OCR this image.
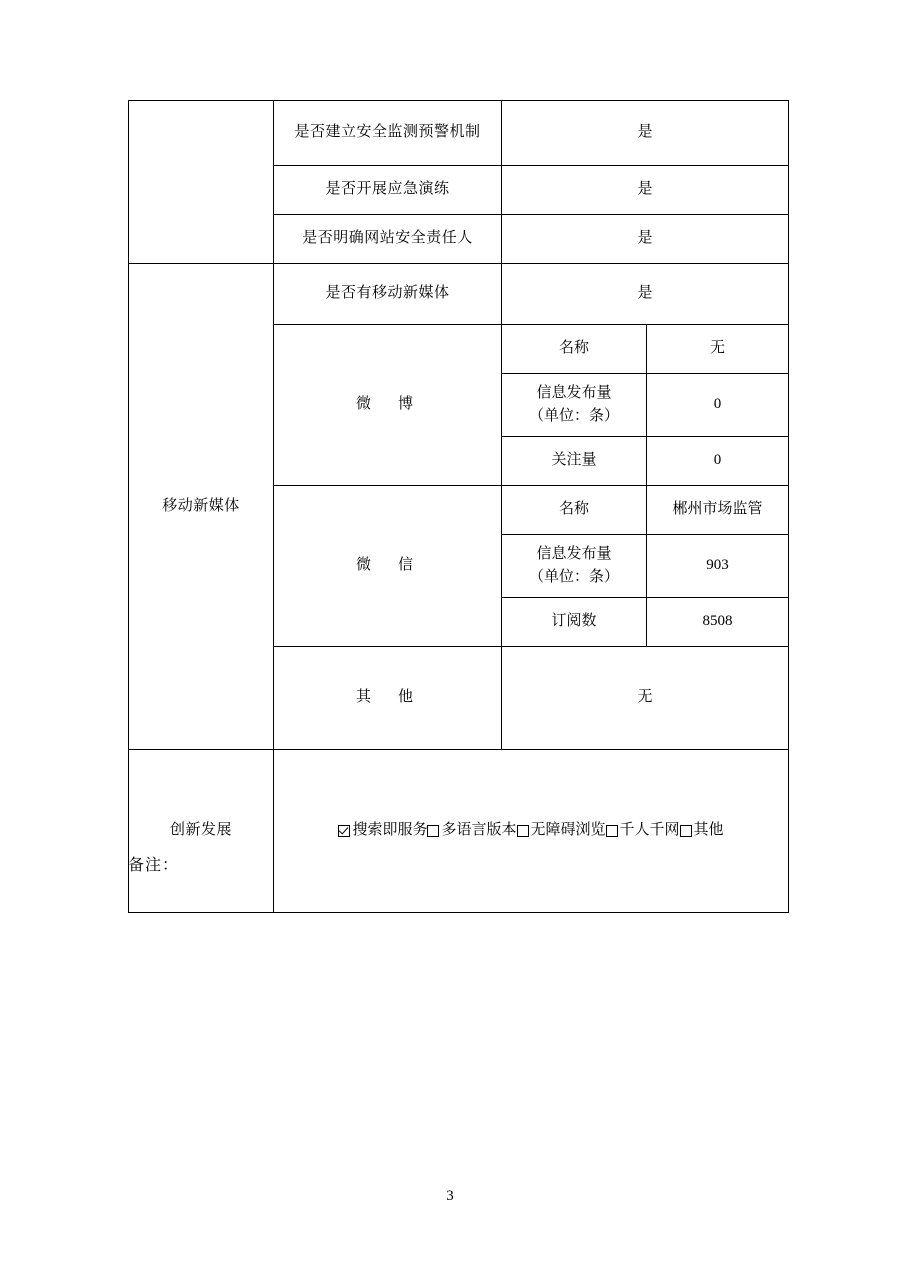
	是否建立安全监测预警机制	是	
	是否开展应急演练	是	
	是否明确网站安全责任人	是	
移动新媒体	是否有移动新媒体	是	
	微　博	名称	无
		信息发布量
（单位：条）	0
		关注量	0
	微　信	名称	郴州市场监管
		信息发布量
（单位：条）	903
		订阅数	8508
	其　他	无	
创新发展	搜索即服务 多语言版本 无障碍浏览 千人千网 其他		
备注：
3
